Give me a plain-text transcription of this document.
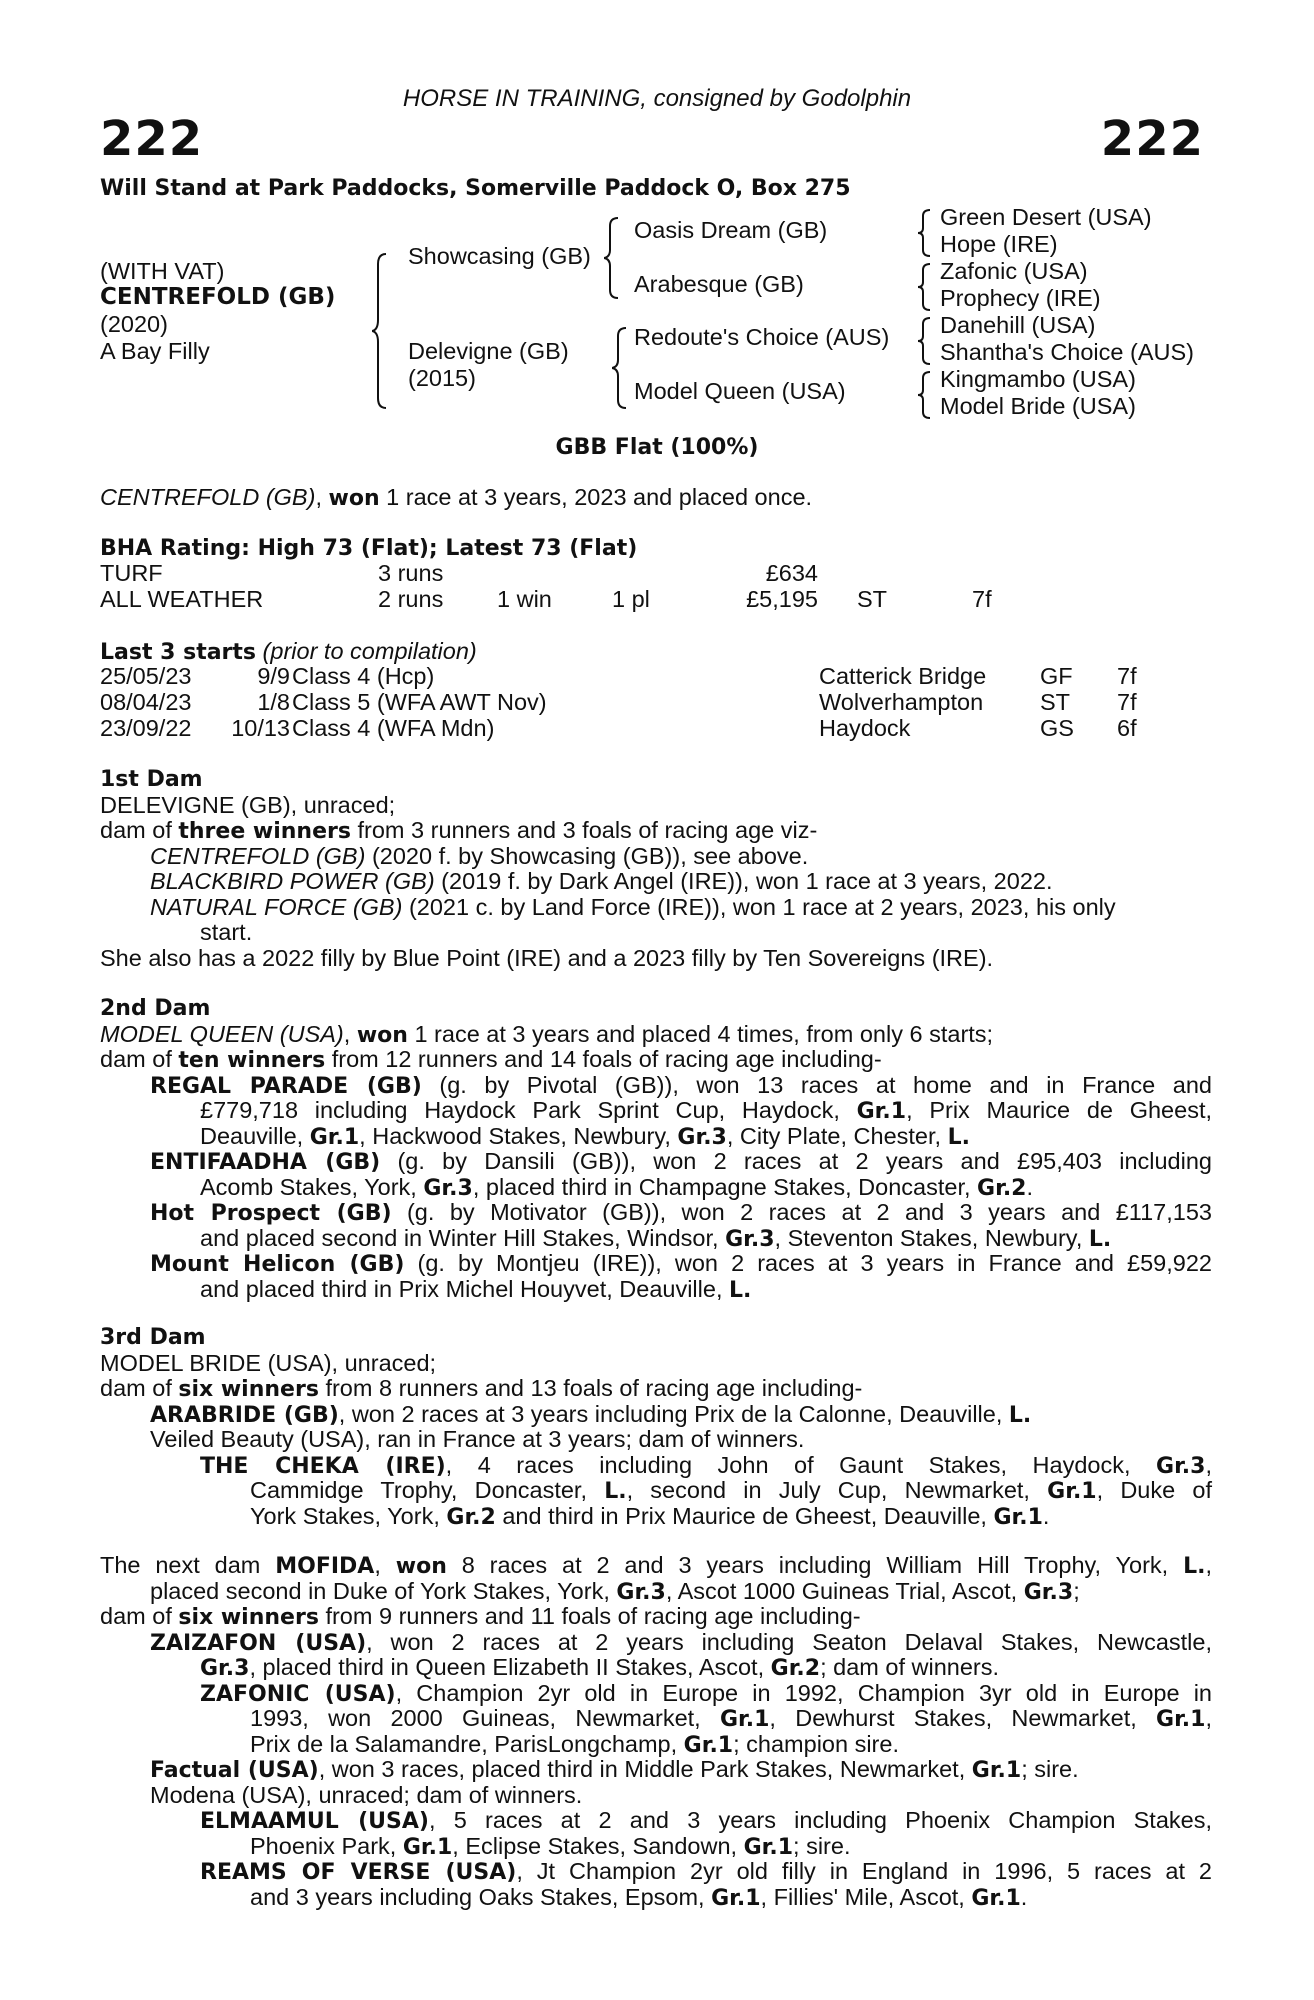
HORSE IN TRAINING, consigned by Godolphin
222	222
Will Stand at Park Paddocks, Somerville Paddock O, Box 275
(WITH VAT)
CENTREFOLD (GB)
(2020)
A Bay Filly
Showcasing (GB)
Delevigne (GB)
(2015)
Oasis Dream (GB)
Arabesque (GB)
Redoute's Choice (AUS)
Model Queen (USA)
Green Desert (USA)
Hope (IRE)
Zafonic (USA)
Prophecy (IRE)
Danehill (USA)
Shantha's Choice (AUS)
Kingmambo (USA)
Model Bride (USA)
GBB Flat (100%)
CENTREFOLD (GB), won 1 race at 3 years, 2023 and placed once.
BHA Rating: High 73 (Flat); Latest 73 (Flat)
TURF	3 runs	£634
ALL WEATHER	2 runs 1 win	1 pl	£5,195 ST	7f
Last 3 starts (prior to compilation)
25/05/23	9/9 Class 4 (Hcp)	Catterick Bridge GF 7f
08/04/23	1/8 Class 5 (WFA AWT Nov)	Wolverhampton ST 7f
23/09/22 10/13 Class 4 (WFA Mdn)	Haydock	GS 6f
1st Dam
DELEVIGNE (GB), unraced;
dam of three winners from 3 runners and 3 foals of racing age viz-
CENTREFOLD (GB) (2020 f. by Showcasing (GB)), see above.
BLACKBIRD POWER (GB) (2019 f. by Dark Angel (IRE)), won 1 race at 3 years, 2022.
NATURAL FORCE (GB) (2021 c. by Land Force (IRE)), won 1 race at 2 years, 2023, his only
start.
She also has a 2022 filly by Blue Point (IRE) and a 2023 filly by Ten Sovereigns (IRE).
2nd Dam
MODEL QUEEN (USA), won 1 race at 3 years and placed 4 times, from only 6 starts;
dam of ten winners from 12 runners and 14 foals of racing age including-
REGAL PARADE (GB) (g. by Pivotal (GB)), won 13 races at home and in France and
£779,718 including Haydock Park Sprint Cup, Haydock, Gr.1, Prix Maurice de Gheest,
Deauville, Gr.1, Hackwood Stakes, Newbury, Gr.3, City Plate, Chester, L.
ENTIFAADHA (GB) (g. by Dansili (GB)), won 2 races at 2 years and £95,403 including
Acomb Stakes, York, Gr.3, placed third in Champagne Stakes, Doncaster, Gr.2.
Hot Prospect (GB) (g. by Motivator (GB)), won 2 races at 2 and 3 years and £117,153
and placed second in Winter Hill Stakes, Windsor, Gr.3, Steventon Stakes, Newbury, L.
Mount Helicon (GB) (g. by Montjeu (IRE)), won 2 races at 3 years in France and £59,922
and placed third in Prix Michel Houyvet, Deauville, L.
3rd Dam
MODEL BRIDE (USA), unraced;
dam of six winners from 8 runners and 13 foals of racing age including-
ARABRIDE (GB), won 2 races at 3 years including Prix de la Calonne, Deauville, L.
Veiled Beauty (USA), ran in France at 3 years; dam of winners.
THE CHEKA (IRE), 4 races including John of Gaunt Stakes, Haydock, Gr.3,
Cammidge Trophy, Doncaster, L., second in July Cup, Newmarket, Gr.1, Duke of
York Stakes, York, Gr.2 and third in Prix Maurice de Gheest, Deauville, Gr.1.
The next dam MOFIDA, won 8 races at 2 and 3 years including William Hill Trophy, York, L.,
placed second in Duke of York Stakes, York, Gr.3, Ascot 1000 Guineas Trial, Ascot, Gr.3;
dam of six winners from 9 runners and 11 foals of racing age including-
ZAIZAFON (USA), won 2 races at 2 years including Seaton Delaval Stakes, Newcastle,
Gr.3, placed third in Queen Elizabeth II Stakes, Ascot, Gr.2; dam of winners.
ZAFONIC (USA), Champion 2yr old in Europe in 1992, Champion 3yr old in Europe in
1993, won 2000 Guineas, Newmarket, Gr.1, Dewhurst Stakes, Newmarket, Gr.1,
Prix de la Salamandre, ParisLongchamp, Gr.1; champion sire.
Factual (USA), won 3 races, placed third in Middle Park Stakes, Newmarket, Gr.1; sire.
Modena (USA), unraced; dam of winners.
ELMAAMUL (USA), 5 races at 2 and 3 years including Phoenix Champion Stakes,
Phoenix Park, Gr.1, Eclipse Stakes, Sandown, Gr.1; sire.
REAMS OF VERSE (USA), Jt Champion 2yr old filly in England in 1996, 5 races at 2
and 3 years including Oaks Stakes, Epsom, Gr.1, Fillies' Mile, Ascot, Gr.1.
